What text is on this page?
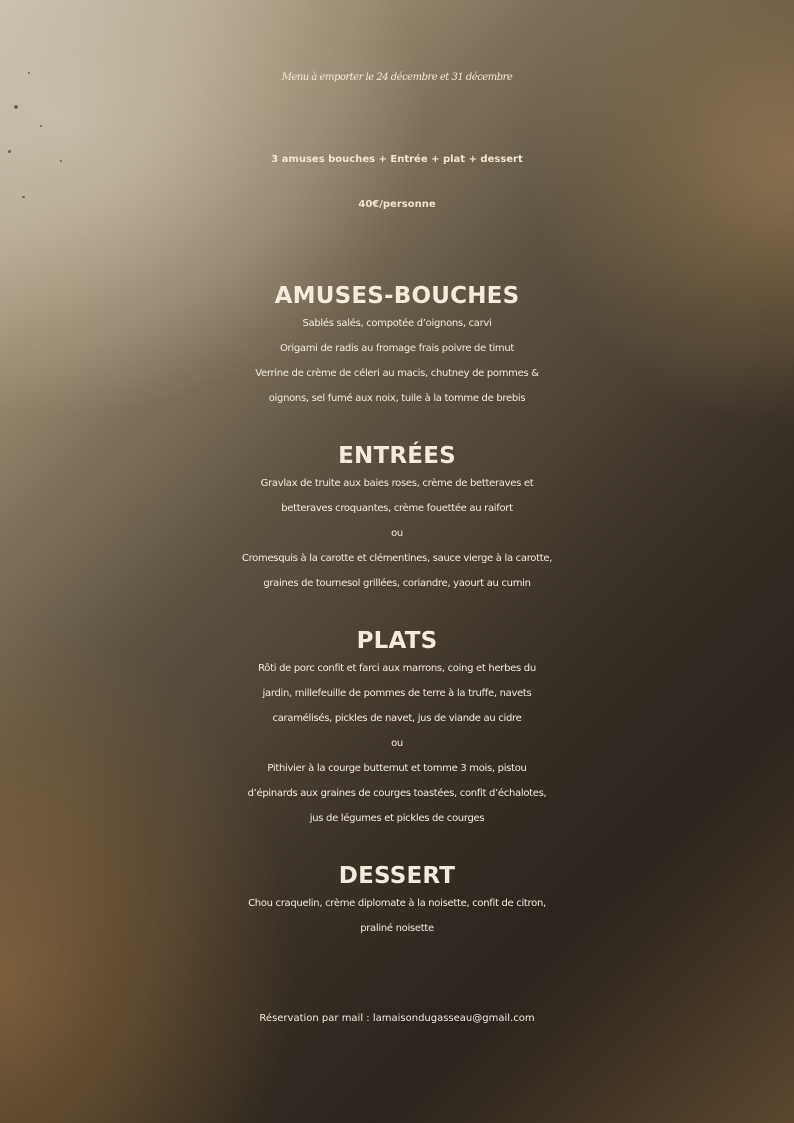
Menu à emporter le 24 décembre et 31 décembre

3 amuses bouches + Entrée + plat + dessert

40€/personne

AMUSES-BOUCHES
Sablés salés, compotée d’oignons, carvi
Origami de radis au fromage frais poivre de timut
Verrine de crème de céleri au macis, chutney de pommes &
oignons, sel fumé aux noix, tuile à la tomme de brebis
ENTRÉES
Gravlax de truite aux baies roses, crème de betteraves et
betteraves croquantes, crème fouettée au raifort
ou
Cromesquis à la carotte et clémentines, sauce vierge à la carotte,
graines de tournesol grillées, coriandre, yaourt au cumin
PLATS
Rôti de porc confit et farci aux marrons, coing et herbes du
jardin, millefeuille de pommes de terre à la truffe, navets
caramélisés, pickles de navet, jus de viande au cidre
ou
Pithivier à la courge butternut et tomme 3 mois, pistou
d’épinards aux graines de courges toastées, confit d’échalotes,
jus de légumes et pickles de courges
DESSERT
Chou craquelin, crème diplomate à la noisette, confit de citron,
praliné noisette

Réservation par mail : lamaisondugasseau@gmail.com
